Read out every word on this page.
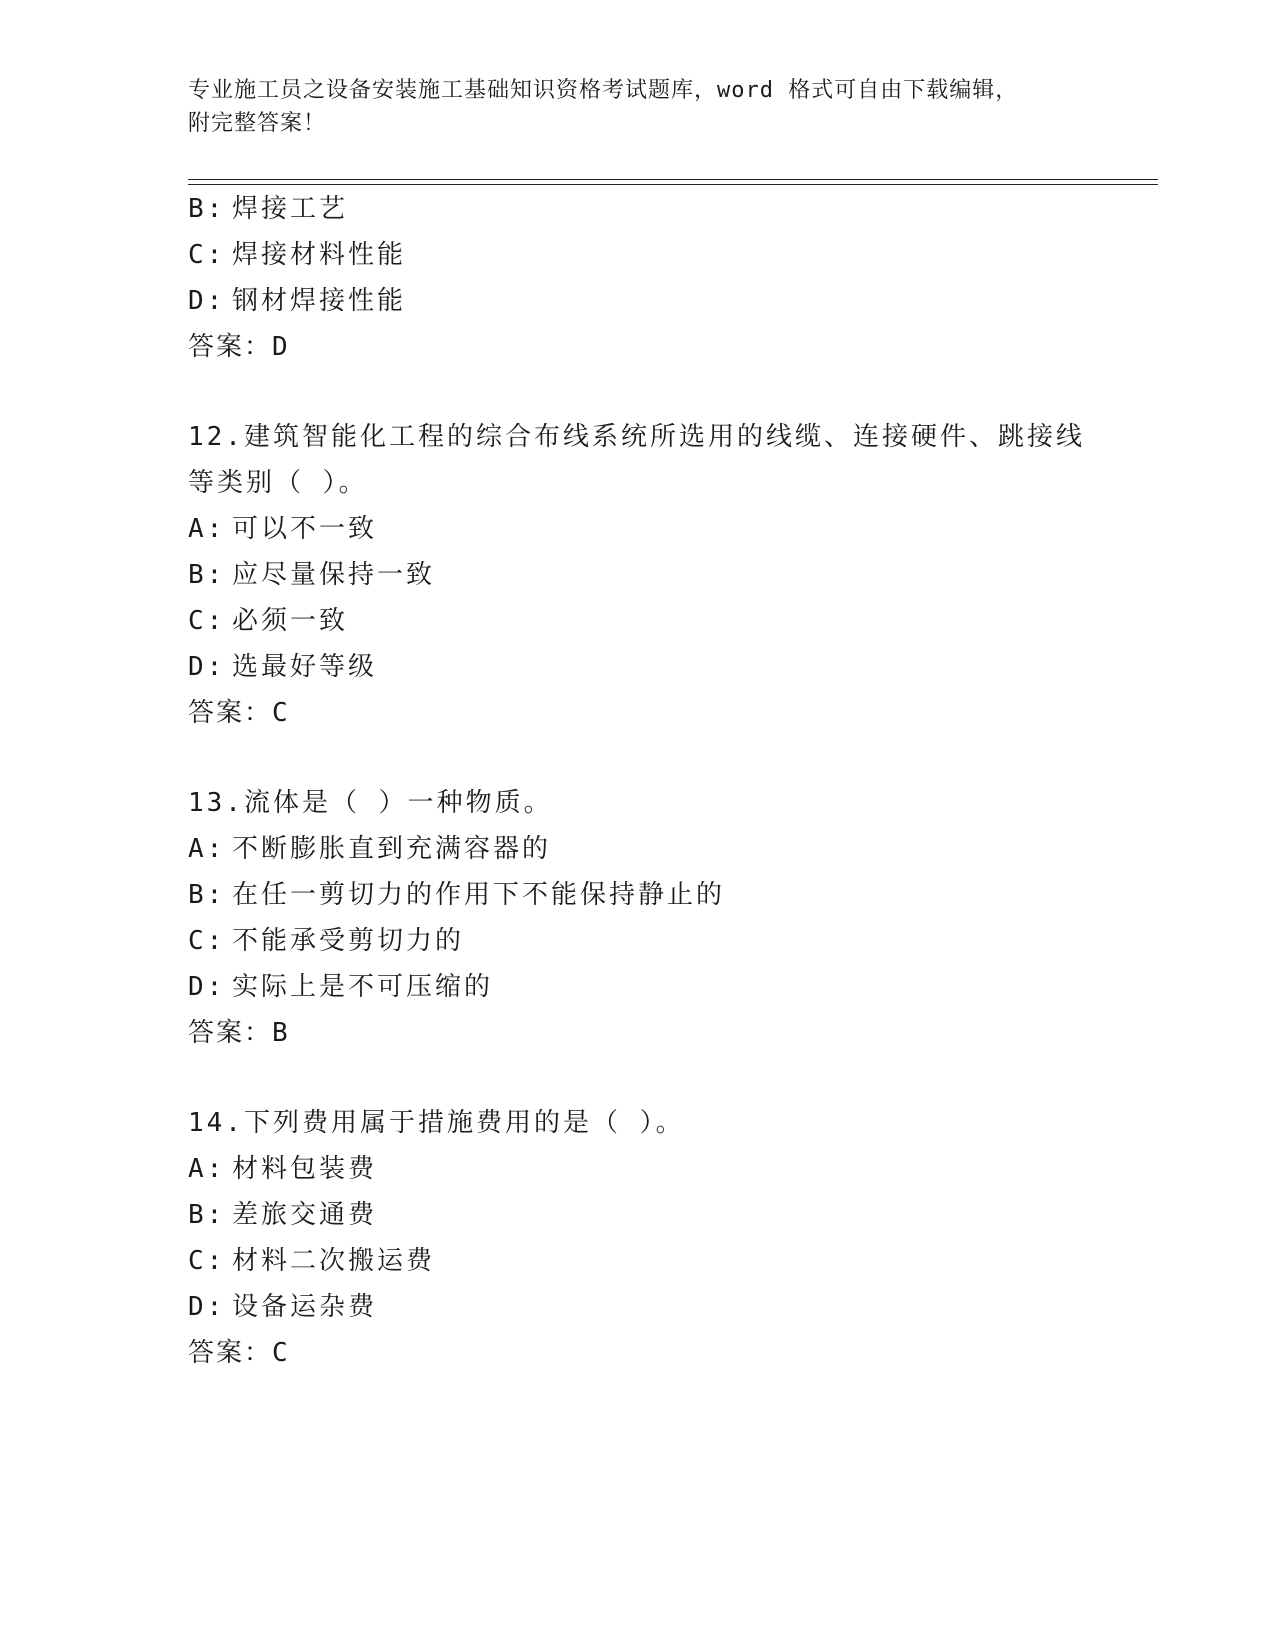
专业施工员之设备安装施工基础知识资格考试题库，word 格式可自由下载编辑，
附完整答案！
B: 焊接工艺
C: 焊接材料性能
D: 钢材焊接性能
答案：D
12.建筑智能化工程的综合布线系统所选用的线缆、连接硬件、跳接线
等类别（ ）。
A: 可以不一致
B: 应尽量保持一致
C: 必须一致
D: 选最好等级
答案：C
13.流体是（ ）一种物质。
A: 不断膨胀直到充满容器的
B: 在任一剪切力的作用下不能保持静止的
C: 不能承受剪切力的
D: 实际上是不可压缩的
答案：B
14.下列费用属于措施费用的是（ ）。
A: 材料包装费
B: 差旅交通费
C: 材料二次搬运费
D: 设备运杂费
答案：C
